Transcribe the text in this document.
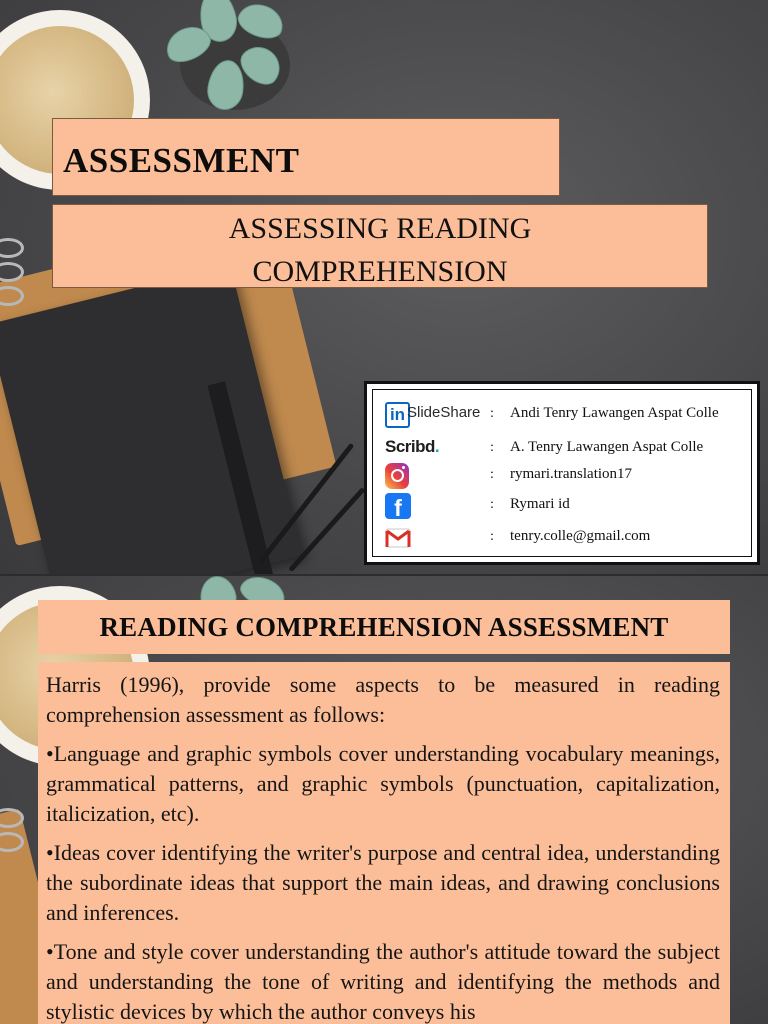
ASSESSMENT
ASSESSING READING
COMPREHENSION
in SlideShare : Andi Tenry Lawangen Aspat Colle
Scribd.	: A. Tenry Lawangen Aspat Colle
: rymari.translation17
f	: Rymari id
: tenry.colle@gmail.com
READING COMPREHENSION ASSESSMENT

Harris (1996), provide some aspects to be measured in reading comprehension assessment as follows:

•Language and graphic symbols cover understanding vocabulary meanings, grammatical patterns, and graphic symbols (punctuation, capitalization, italicization, etc).

•Ideas cover identifying the writer's purpose and central idea, understanding the subordinate ideas that support the main ideas, and drawing conclusions and inferences.

•Tone and style cover understanding the author's attitude toward the subject and understanding the tone of writing and identifying the methods and stylistic devices by which the author conveys his
